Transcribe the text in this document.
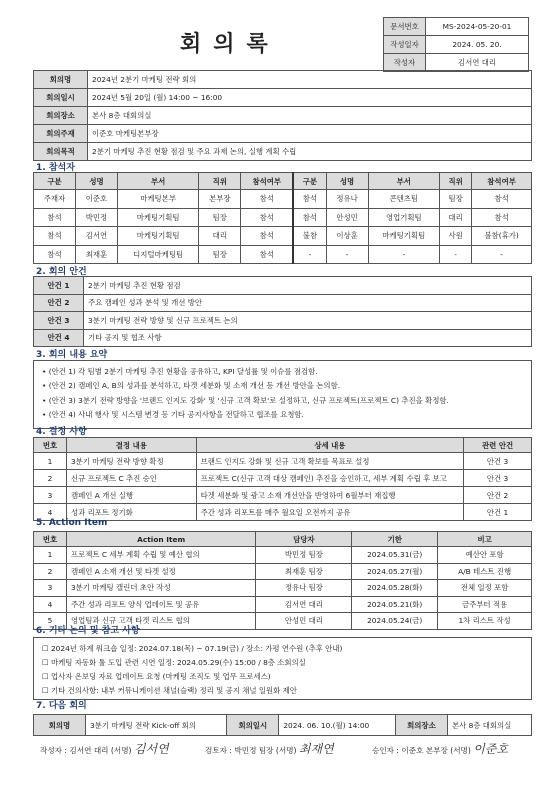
회의록
문서번호	MS-2024-05-20-01
작성일자	2024. 05. 20.
작성자	김서연 대리
회의명	2024년 2분기 마케팅 전략 회의
회의일시	2024년 5월 20일 (월) 14:00 ~ 16:00
회의장소	본사 8층 대회의실
회의주재	이준호 마케팅본부장
회의목적	2분기 마케팅 추진 현황 점검 및 주요 과제 논의, 실행 계획 수립
1. 참석자
구분	성명	부서	직위	참석여부	구분	성명	부서	직위	참석여부
주재자	이준호	마케팅본부	본부장	참석	참석	정유나	콘텐츠팀	팀장	참석
참석	박민정	마케팅기획팀	팀장	참석	참석	안성민	영업기획팀	대리	참석
참석	김서연	마케팅기획팀	대리	참석	불참	이상훈	마케팅기획팀	사원	불참(휴가)
참석	최재훈	디지털마케팅팀	팀장	참석	-	-	-	-	-
2. 회의 안건
안건 1	2분기 마케팅 추진 현황 점검
안건 2	주요 캠페인 성과 분석 및 개선 방안
안건 3	3분기 마케팅 전략 방향 및 신규 프로젝트 논의
안건 4	기타 공지 및 협조 사항
3. 회의 내용 요약
• (안건 1) 각 팀별 2분기 마케팅 추진 현황을 공유하고, KPI 달성률 및 이슈를 점검함.
• (안건 2) 캠페인 A, B의 성과를 분석하고, 타겟 세분화 및 소재 개선 등 개선 방안을 논의함.
• (안건 3) 3분기 전략 방향을 '브랜드 인지도 강화' 및 '신규 고객 확보'로 설정하고, 신규 프로젝트(프로젝트 C) 추진을 확정함.
• (안건 4) 사내 행사 및 시스템 변경 등 기타 공지사항을 전달하고 협조를 요청함.
4. 결정 사항
번호	결정 내용	상세 내용	관련 안건
1	3분기 마케팅 전략 방향 확정	브랜드 인지도 강화 및 신규 고객 확보를 목표로 설정	안건 3
2	신규 프로젝트 C 추진 승인	프로젝트 C(신규 고객 대상 캠페인) 추진을 승인하고, 세부 계획 수립 후 보고	안건 3
3	캠페인 A 개선 실행	타겟 세분화 및 광고 소재 개선안을 반영하여 6월부터 재집행	안건 2
4	성과 리포트 정기화	주간 성과 리포트를 매주 월요일 오전까지 공유	안건 1
5. Action Item
번호	Action Item	담당자	기한	비고
1	프로젝트 C 세부 계획 수립 및 예산 협의	박민정 팀장	2024.05.31(금)	예산안 포함
2	캠페인 A 소재 개선 및 타겟 설정	최재훈 팀장	2024.05.27(월)	A/B 테스트 진행
3	3분기 마케팅 캘린더 초안 작성	정유나 팀장	2024.05.28(화)	전체 일정 포함
4	주간 성과 리포트 양식 업데이트 및 공유	김서연 대리	2024.05.21(화)	금주부터 적용
5	영업팀과 신규 고객 타겟 리스트 협의	안성민 대리	2024.05.24(금)	1차 리스트 작성
6. 기타 논의 및 참고 사항
☐ 2024년 하계 워크숍 일정: 2024.07.18(목) ~ 07.19(금) / 장소: 가평 연수원 (추후 안내)
☐ 마케팅 자동화 툴 도입 관련 시연 일정: 2024.05.29(수) 15:00 / 8층 소회의실
☐ 업사자 온보딩 자료 업데이트 요청 (마케팅 조직도 및 업무 프로세스)
☐ 기타 건의사항: 내부 커뮤니케이션 채널(슬랙) 정리 및 공지 채널 일원화 제안
7. 다음 회의
회의명	3분기 마케팅 전략 Kick-off 회의	회의일시	2024. 06. 10.(월) 14:00	회의장소	본사 8층 대회의실
작성자 : 김서연 대리 (서명) 김서연	검토자 : 박민정 팀장 (서명) 최재연	승인자 : 이준호 본부장 (서명) 이준호
